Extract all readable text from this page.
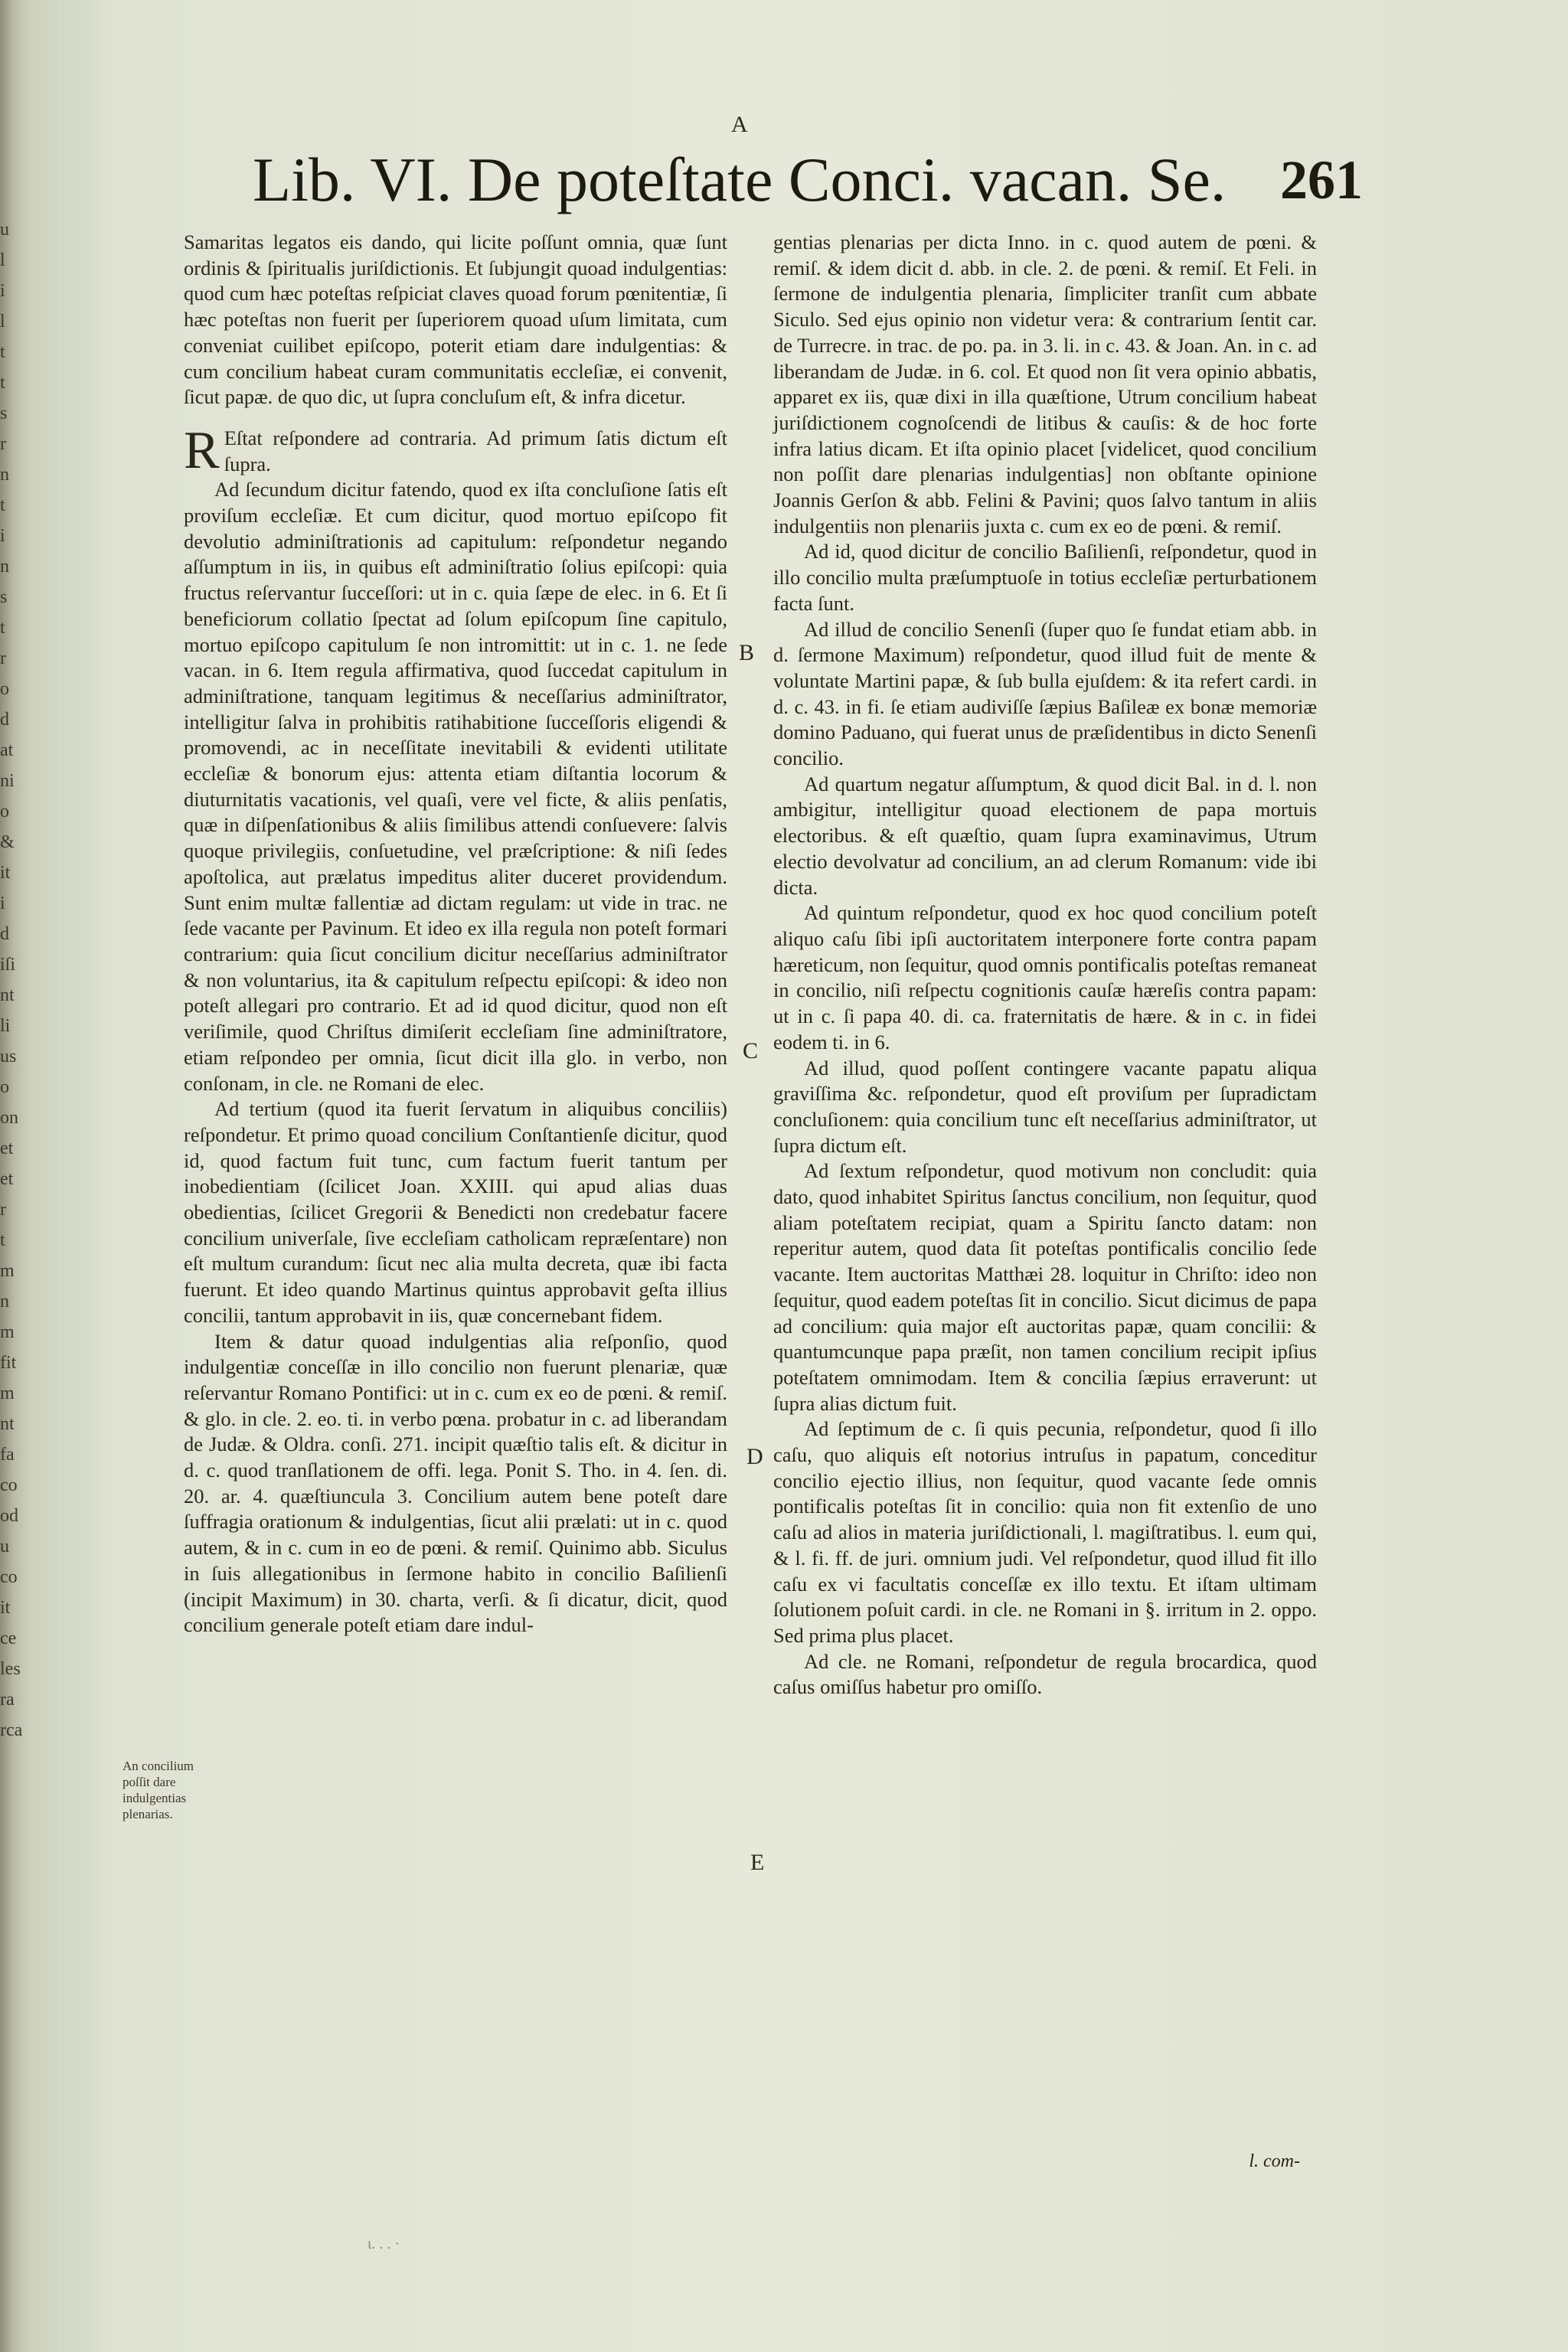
u
l
i
l
t
t
s
r
n
t
i
n
s
t
r
o
d
at
ni
o
&
it
i
d
iſi
nt
li
us
o
on
et
et
r
t
m
n
m
fit
m
nt
fa
co
od
u
co
it
ce
les
ra
rca
Lib. VI. De poteſtate Conci. vacan. Se. 261

Samaritas legatos eis dando, qui licite poſſunt omnia, quæ ſunt ordinis & ſpiritualis juriſdictionis. Et ſubjungit quoad indulgentias: quod cum hæc poteſtas reſpiciat claves quoad forum pœnitentiæ, ſi hæc poteſtas non fuerit per ſuperiorem quoad uſum limitata, cum conveniat cuilibet epiſcopo, poterit etiam dare indulgentias: & cum concilium habeat curam communitatis eccleſiæ, ei convenit, ſicut papæ. de quo dic, ut ſupra concluſum eſt, & infra dicetur.

R Eſtat reſpondere ad contraria. Ad primum ſatis dictum eſt ſupra.

Ad ſecundum dicitur fatendo, quod ex iſta concluſione ſatis eſt proviſum eccleſiæ. Et cum dicitur, quod mortuo epiſcopo fit devolutio adminiſtrationis ad capitulum: reſpondetur negando aſſumptum in iis, in quibus eſt adminiſtratio ſolius epiſcopi: quia fructus reſervantur ſucceſſori: ut in c. quia ſæpe de elec. in 6. Et ſi beneficiorum collatio ſpectat ad ſolum epiſcopum ſine capitulo, mortuo epiſcopo capitulum ſe non intromittit: ut in c. 1. ne ſede vacan. in 6. Item regula affirmativa, quod ſuccedat capitulum in adminiſtratione, tanquam legitimus & neceſſarius adminiſtrator, intelligitur ſalva in prohibitis ratihabitione ſucceſſoris eligendi & promovendi, ac in neceſſitate inevitabili & evidenti utilitate eccleſiæ & bonorum ejus: attenta etiam diſtantia locorum & diuturnitatis vacationis, vel quaſi, vere vel ficte, & aliis penſatis, quæ in diſpenſationibus & aliis ſimilibus attendi conſuevere: ſalvis quoque privilegiis, conſuetudine, vel præſcriptione: & niſi ſedes apoſtolica, aut prælatus impeditus aliter duceret providendum. Sunt enim multæ fallentiæ ad dictam regulam: ut vide in trac. ne ſede vacante per Pavinum. Et ideo ex illa regula non poteſt formari contrarium: quia ſicut concilium dicitur neceſſarius adminiſtrator & non voluntarius, ita & capitulum reſpectu epiſcopi: & ideo non poteſt allegari pro contrario. Et ad id quod dicitur, quod non eſt veriſimile, quod Chriſtus dimiſerit eccleſiam ſine adminiſtratore, etiam reſpondeo per omnia, ſicut dicit illa glo. in verbo, non conſonam, in cle. ne Romani de elec.

Ad tertium (quod ita fuerit ſervatum in aliquibus conciliis) reſpondetur. Et primo quoad concilium Conſtantienſe dicitur, quod id, quod factum fuit tunc, cum factum fuerit tantum per inobedientiam (ſcilicet Joan. XXIII. qui apud alias duas obedientias, ſcilicet Gregorii & Benedicti non credebatur facere concilium univerſale, ſive eccleſiam catholicam repræſentare) non eſt multum curandum: ſicut nec alia multa decreta, quæ ibi facta fuerunt. Et ideo quando Martinus quintus approbavit geſta illius concilii, tantum approbavit in iis, quæ concernebant fidem.

Item & datur quoad indulgentias alia reſponſio, quod indulgentiæ conceſſæ in illo concilio non fuerunt plenariæ, quæ reſervantur Romano Pontifici: ut in c. cum ex eo de pœni. & remiſ. & glo. in cle. 2. eo. ti. in verbo pœna. probatur in c. ad liberandam de Judæ. & Oldra. conſi. 271. incipit quæſtio talis eſt. & dicitur in d. c. quod tranſlationem de offi. lega. Ponit S. Tho. in 4. ſen. di. 20. ar. 4. quæſtiuncula 3. Concilium autem bene poteſt dare ſuffragia orationum & indulgentias, ſicut alii prælati: ut in c. quod autem, & in c. cum in eo de pœni. & remiſ. Quinimo abb. Siculus in ſuis allegationibus in ſermone habito in concilio Baſilienſi (incipit Maximum) in 30. charta, verſi. & ſi dicatur, dicit, quod concilium generale poteſt etiam dare indul-

gentias plenarias per dicta Inno. in c. quod autem de pœni. & remiſ. & idem dicit d. abb. in cle. 2. de pœni. & remiſ. Et Feli. in ſermone de indulgentia plenaria, ſimpliciter tranſit cum abbate Siculo. Sed ejus opinio non videtur vera: & contrarium ſentit car. de Turrecre. in trac. de po. pa. in 3. li. in c. 43. & Joan. An. in c. ad liberandam de Judæ. in 6. col. Et quod non ſit vera opinio abbatis, apparet ex iis, quæ dixi in illa quæſtione, Utrum concilium habeat juriſdictionem cognoſcendi de litibus & cauſis: & de hoc forte infra latius dicam. Et iſta opinio placet [videlicet, quod concilium non poſſit dare plenarias indulgentias] non obſtante opinione Joannis Gerſon & abb. Felini & Pavini; quos ſalvo tantum in aliis indulgentiis non plenariis juxta c. cum ex eo de pœni. & remiſ.

Ad id, quod dicitur de concilio Baſilienſi, reſpondetur, quod in illo concilio multa præſumptuoſe in totius eccleſiæ perturbationem facta ſunt.

Ad illud de concilio Senenſi (ſuper quo ſe fundat etiam abb. in d. ſermone Maximum) reſpondetur, quod illud fuit de mente & voluntate Martini papæ, & ſub bulla ejuſdem: & ita refert cardi. in d. c. 43. in fi. ſe etiam audiviſſe ſæpius Baſileæ ex bonæ memoriæ domino Paduano, qui fuerat unus de præſidentibus in dicto Senenſi concilio.

Ad quartum negatur aſſumptum, & quod dicit Bal. in d. l. non ambigitur, intelligitur quoad electionem de papa mortuis electoribus. & eſt quæſtio, quam ſupra examinavimus, Utrum electio devolvatur ad concilium, an ad clerum Romanum: vide ibi dicta.

Ad quintum reſpondetur, quod ex hoc quod concilium poteſt aliquo caſu ſibi ipſi auctoritatem interponere forte contra papam hæreticum, non ſequitur, quod omnis pontificalis poteſtas remaneat in concilio, niſi reſpectu cognitionis cauſæ hæreſis contra papam: ut in c. ſi papa 40. di. ca. fraternitatis de hære. & in c. in fidei eodem ti. in 6.

Ad illud, quod poſſent contingere vacante papatu aliqua graviſſima &c. reſpondetur, quod eſt proviſum per ſupradictam concluſionem: quia concilium tunc eſt neceſſarius adminiſtrator, ut ſupra dictum eſt.

Ad ſextum reſpondetur, quod motivum non concludit: quia dato, quod inhabitet Spiritus ſanctus concilium, non ſequitur, quod aliam poteſtatem recipiat, quam a Spiritu ſancto datam: non reperitur autem, quod data ſit poteſtas pontificalis concilio ſede vacante. Item auctoritas Matthæi 28. loquitur in Chriſto: ideo non ſequitur, quod eadem poteſtas ſit in concilio. Sicut dicimus de papa ad concilium: quia major eſt auctoritas papæ, quam concilii: & quantumcunque papa præſit, non tamen concilium recipit ipſius poteſtatem omnimodam. Item & concilia ſæpius erraverunt: ut ſupra alias dictum fuit.

Ad ſeptimum de c. ſi quis pecunia, reſpondetur, quod ſi illo caſu, quo aliquis eſt notorius intruſus in papatum, conceditur concilio ejectio illius, non ſequitur, quod vacante ſede omnis pontificalis poteſtas ſit in concilio: quia non fit extenſio de uno caſu ad alios in materia juriſdictionali, l. magiſtratibus. l. eum qui, & l. fi. ff. de juri. omnium judi. Vel reſpondetur, quod illud fit illo caſu ex vi facultatis conceſſæ ex illo textu. Et iſtam ultimam ſolutionem poſuit cardi. in cle. ne Romani in §. irritum in 2. oppo. Sed prima plus placet.

Ad cle. ne Romani, reſpondetur de regula brocardica, quod caſus omiſſus habetur pro omiſſo.

A
B
C
D
E
An concilium poſſit dare indulgentias plenarias.
l. com-
ι. . . ·
